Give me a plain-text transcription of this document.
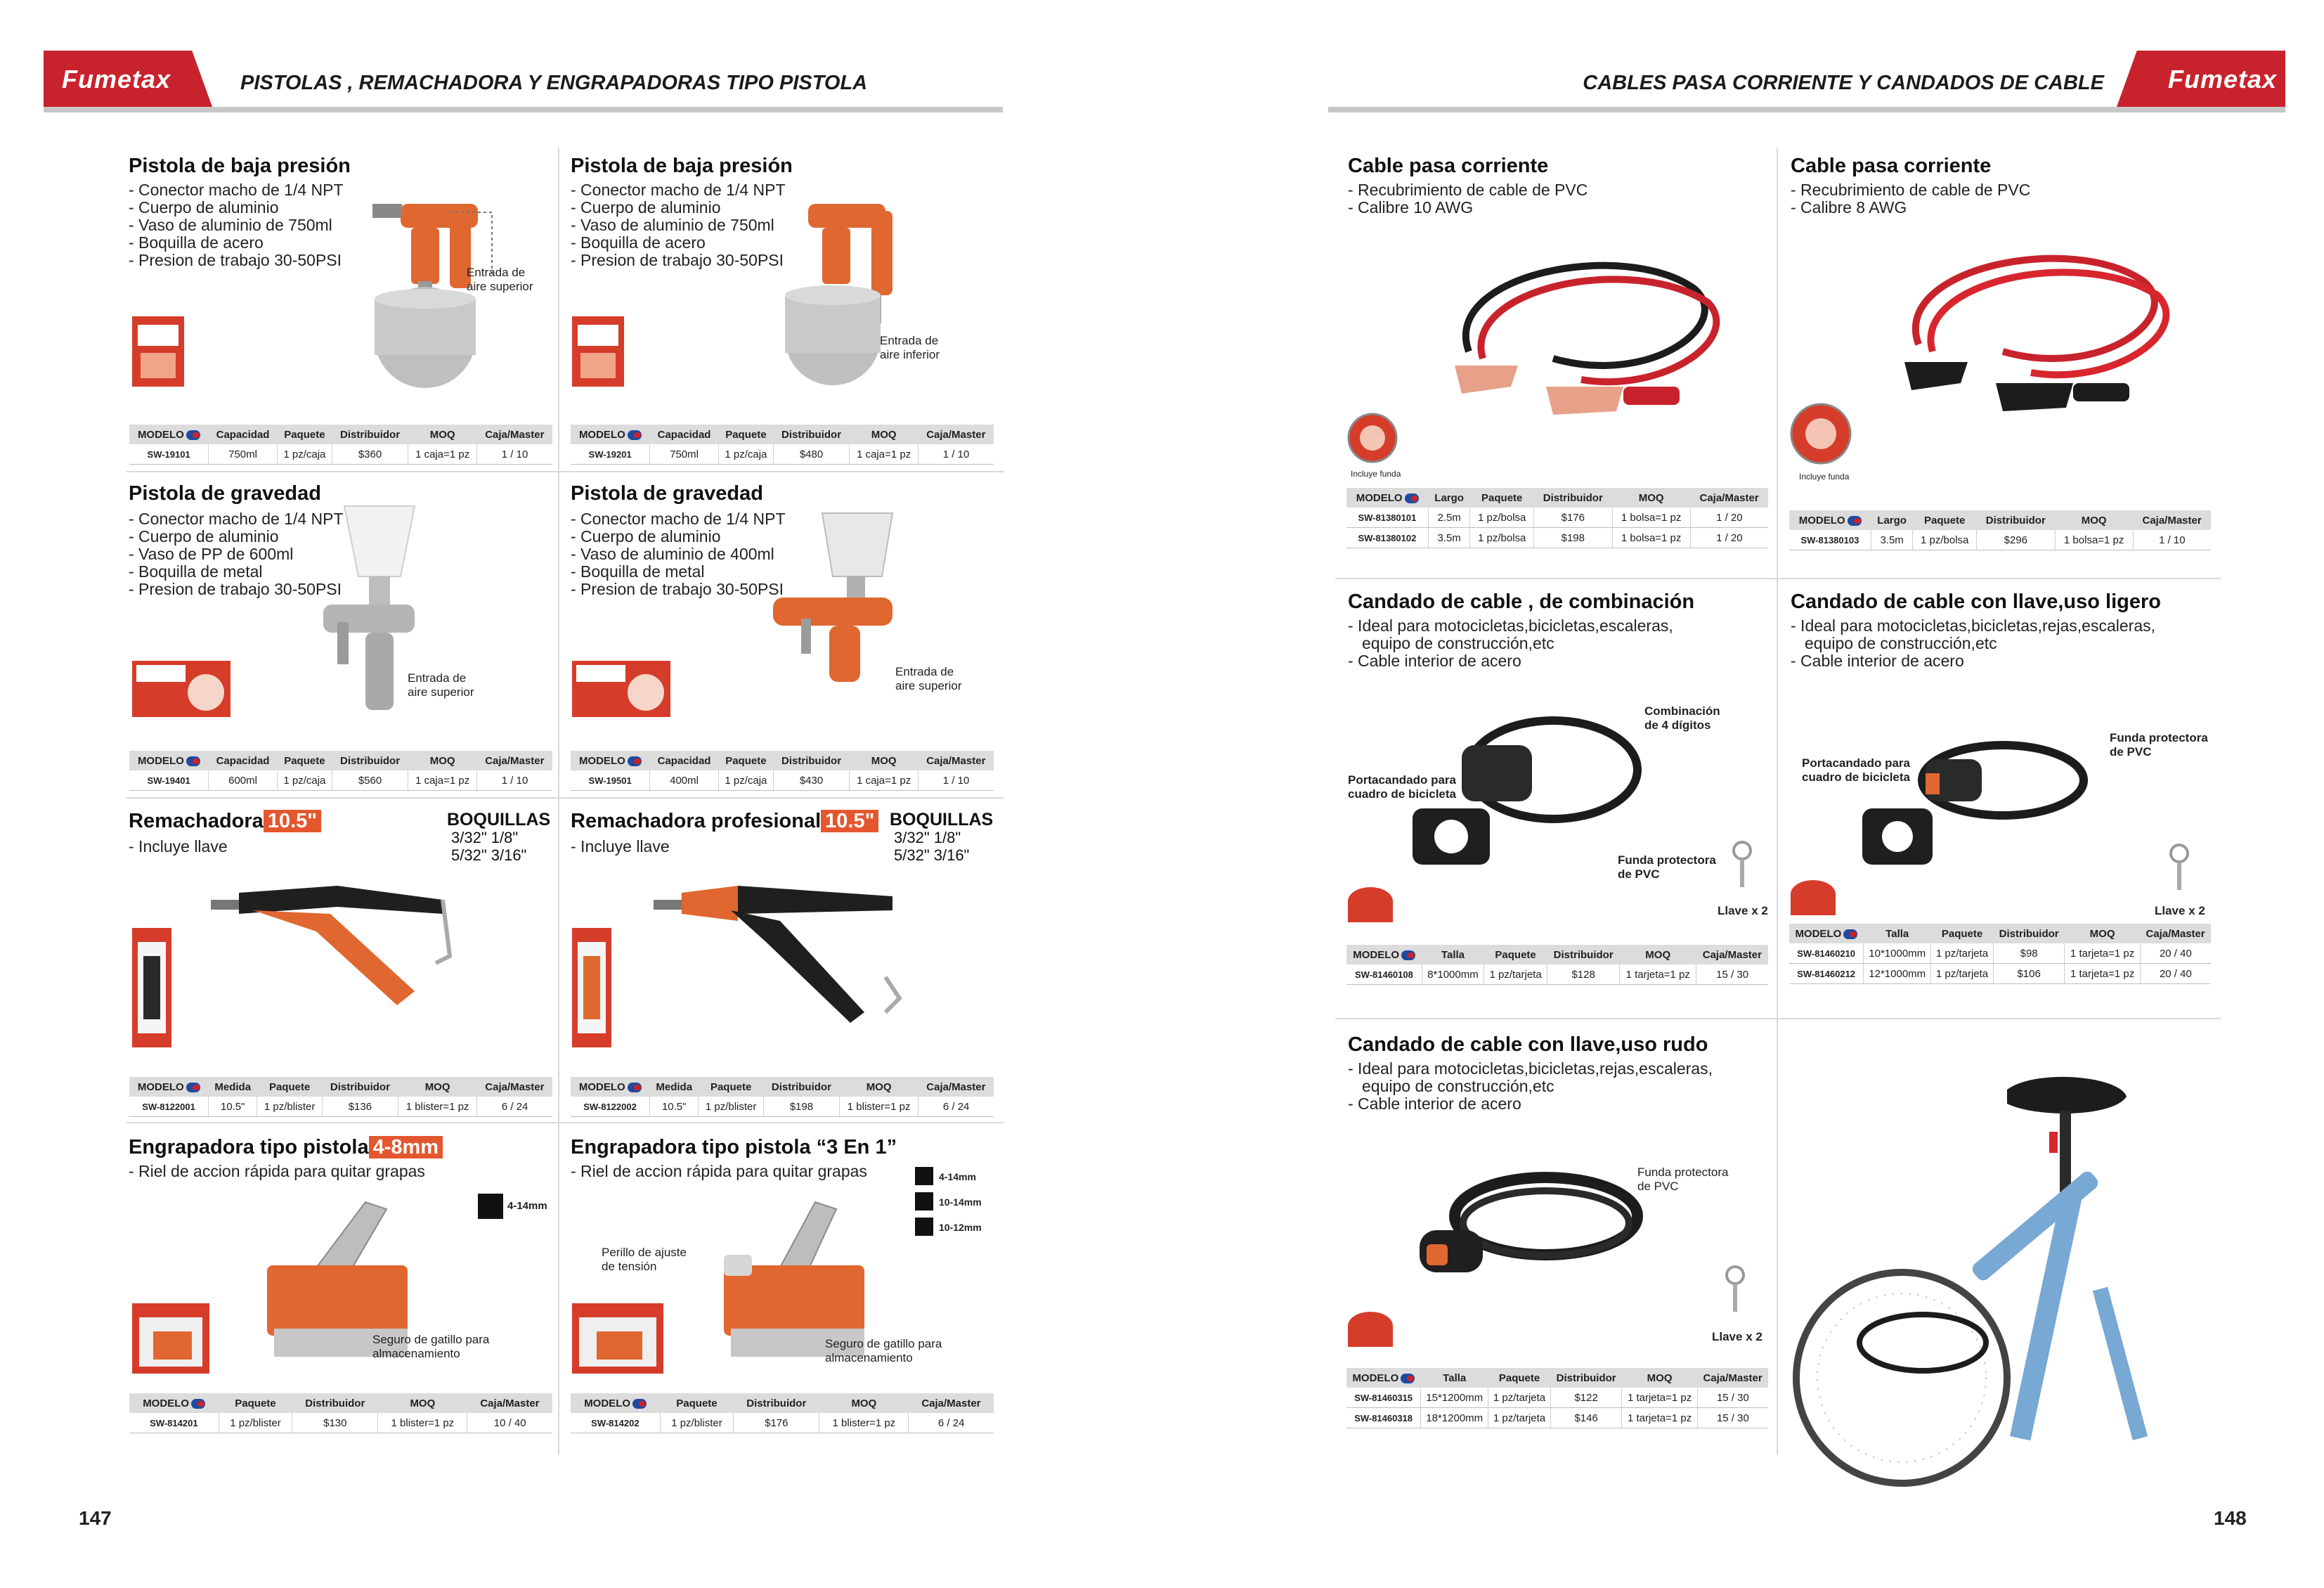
Fumetax	PISTOLAS , REMACHADORA Y ENGRAPADORAS TIPO PISTOLA	Fumetax
CABLES PASA CORRIENTE Y CANDADOS DE CABLE
Pistola de baja presión
- Conector macho de 1/4 NPT
- Cuerpo de aluminio
- Vaso de aluminio de 750ml
- Boquilla de acero
- Presion de trabajo 30-50PSI
Entrada de
aire superior
MODELO	Capacidad	Paquete	Distribuidor	MOQ	Caja/Master
SW-19101	750ml	1 pz/caja	$360	1 caja=1 pz	1 / 10
Pistola de baja presión
- Conector macho de 1/4 NPT
- Cuerpo de aluminio
- Vaso de aluminio de 750ml
- Boquilla de acero
- Presion de trabajo 30-50PSI
Entrada de
aire inferior
MODELO	Capacidad	Paquete	Distribuidor	MOQ	Caja/Master
SW-19201	750ml	1 pz/caja	$480	1 caja=1 pz	1 / 10
Pistola de gravedad
- Conector macho de 1/4 NPT
- Cuerpo de aluminio
- Vaso de PP de 600ml
- Boquilla de metal
- Presion de trabajo 30-50PSI
Entrada de
aire superior
MODELO	Capacidad	Paquete	Distribuidor	MOQ	Caja/Master
SW-19401	600ml	1 pz/caja	$560	1 caja=1 pz	1 / 10
Pistola de gravedad
- Conector macho de 1/4 NPT
- Cuerpo de aluminio
- Vaso de aluminio de 400ml
- Boquilla de metal
- Presion de trabajo 30-50PSI
Entrada de
aire superior
MODELO	Capacidad	Paquete	Distribuidor	MOQ	Caja/Master
SW-19501	400ml	1 pz/caja	$430	1 caja=1 pz	1 / 10
Remachadora 10.5"
- Incluye llave
BOQUILLAS
3/32" 1/8"
5/32" 3/16"
MODELO	Medida	Paquete	Distribuidor	MOQ	Caja/Master
SW-8122001	10.5"	1 pz/blister	$136	1 blister=1 pz	6 / 24
Remachadora profesional 10.5"
- Incluye llave
BOQUILLAS
3/32" 1/8"
5/32" 3/16"
MODELO	Medida	Paquete	Distribuidor	MOQ	Caja/Master
SW-8122002	10.5"	1 pz/blister	$198	1 blister=1 pz	6 / 24
Engrapadora tipo pistola 4-8mm
- Riel de accion rápida para quitar grapas
4-14mm
Seguro de gatillo para
almacenamiento
MODELO	Paquete	Distribuidor	MOQ	Caja/Master
SW-814201	1 pz/blister	$130	1 blister=1 pz	10 / 40
Engrapadora tipo pistola “3 En 1”
- Riel de accion rápida para quitar grapas	4-14mm
10-14mm
10-12mm
Perillo de ajuste
de tensión
Seguro de gatillo para
almacenamiento
MODELO	Paquete	Distribuidor	MOQ	Caja/Master
SW-814202	1 pz/blister	$176	1 blister=1 pz	6 / 24
147
Cable pasa corriente
- Recubrimiento de cable de PVC
- Calibre 10 AWG
Incluye funda
MODELO	Largo	Paquete	Distribuidor	MOQ	Caja/Master
SW-81380101	2.5m	1 pz/bolsa	$176	1 bolsa=1 pz	1 / 20
SW-81380102	3.5m	1 pz/bolsa	$198	1 bolsa=1 pz	1 / 20
Cable pasa corriente
- Recubrimiento de cable de PVC
- Calibre 8 AWG
Incluye funda
MODELO	Largo	Paquete	Distribuidor	MOQ	Caja/Master
SW-81380103	3.5m	1 pz/bolsa	$296	1 bolsa=1 pz	1 / 10
Candado de cable , de combinación
- Ideal para motocicletas,bicicletas,escaleras,
equipo de construcción,etc
- Cable interior de acero
Combinación
de 4 dígitos
Portacandado para
cuadro de bicicleta
Funda protectora
de PVC
Llave x 2
MODELO	Talla	Paquete	Distribuidor	MOQ	Caja/Master
SW-81460108	8*1000mm	1 pz/tarjeta	$128	1 tarjeta=1 pz	15 / 30
Candado de cable con llave,uso ligero
- Ideal para motocicletas,bicicletas,rejas,escaleras,
equipo de construcción,etc
- Cable interior de acero
Funda protectora
de PVC
Portacandado para
cuadro de bicicleta
Llave x 2
MODELO	Talla	Paquete	Distribuidor	MOQ	Caja/Master
SW-81460210	10*1000mm	1 pz/tarjeta	$98	1 tarjeta=1 pz	20 / 40
SW-81460212	12*1000mm	1 pz/tarjeta	$106	1 tarjeta=1 pz	20 / 40
Candado de cable con llave,uso rudo
- Ideal para motocicletas,bicicletas,rejas,escaleras,
equipo de construcción,etc
- Cable interior de acero
Funda protectora
de PVC
Llave x 2
MODELO	Talla	Paquete	Distribuidor	MOQ	Caja/Master
SW-81460315	15*1200mm	1 pz/tarjeta	$122	1 tarjeta=1 pz	15 / 30
SW-81460318	18*1200mm	1 pz/tarjeta	$146	1 tarjeta=1 pz	15 / 30
148
